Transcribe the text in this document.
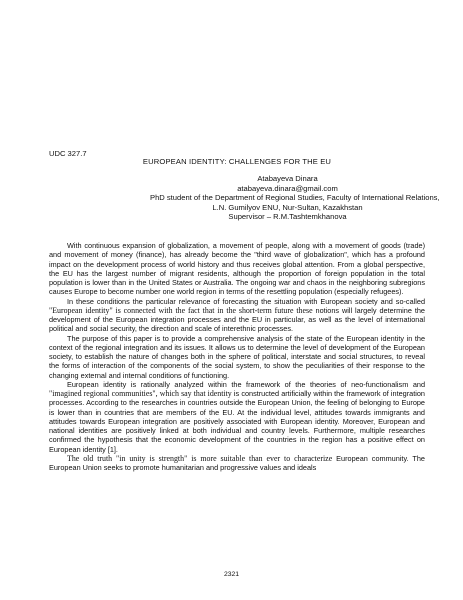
UDC 327.7
EUROPEAN IDENTITY: CHALLENGES FOR THE EU
Atabayeva Dinara
atabayeva.dinara@gmail.com
PhD student of the Department of Regional Studies, Faculty of International Relations,
L.N. Gumilyov ENU, Nur-Sultan, Kazakhstan
Supervisor – R.M.Tashtemkhanova

With continuous expansion of globalization, a movement of people, along with a movement of goods (trade) and movement of money (finance), has already become the "third wave of globalization", which has a profound impact on the development process of world history and thus receives global attention. From a global perspective, the EU has the largest number of migrant residents, although the proportion of foreign population in the total population is lower than in the United States or Australia. The ongoing war and chaos in the neighboring subregions causes Europe to become number one world region in terms of the resettling population (especially refugees).

In these conditions the particular relevance of forecasting the situation with European society and so-called "European identity" is connected with the fact that in the short-term future these notions will largely determine the development of the European integration processes and the EU in particular, as well as the level of international political and social security, the direction and scale of interethnic processes.

The purpose of this paper is to provide a comprehensive analysis of the state of the European identity in the context of the regional integration and its issues. It allows us to determine the level of development of the European society, to establish the nature of changes both in the sphere of political, interstate and social structures, to reveal the forms of interaction of the components of the social system, to show the peculiarities of their response to the changing external and internal conditions of functioning.

European identity is rationally analyzed within the framework of the theories of neo-functionalism and "imagined regional communities", which say that identity is constructed artificially within the framework of integration processes. According to the researches in countries outside the European Union, the feeling of belonging to Europe is lower than in countries that are members of the EU. At the individual level, attitudes towards immigrants and attitudes towards European integration are positively associated with European identity. Moreover, European and national identities are positively linked at both individual and country levels. Furthermore, multiple researches confirmed the hypothesis that the economic development of the countries in the region has a positive effect on European identity [1].

The old truth "in unity is strength" is more suitable than ever to characterize European community. The European Union seeks to promote humanitarian and progressive values and ideals

2321
